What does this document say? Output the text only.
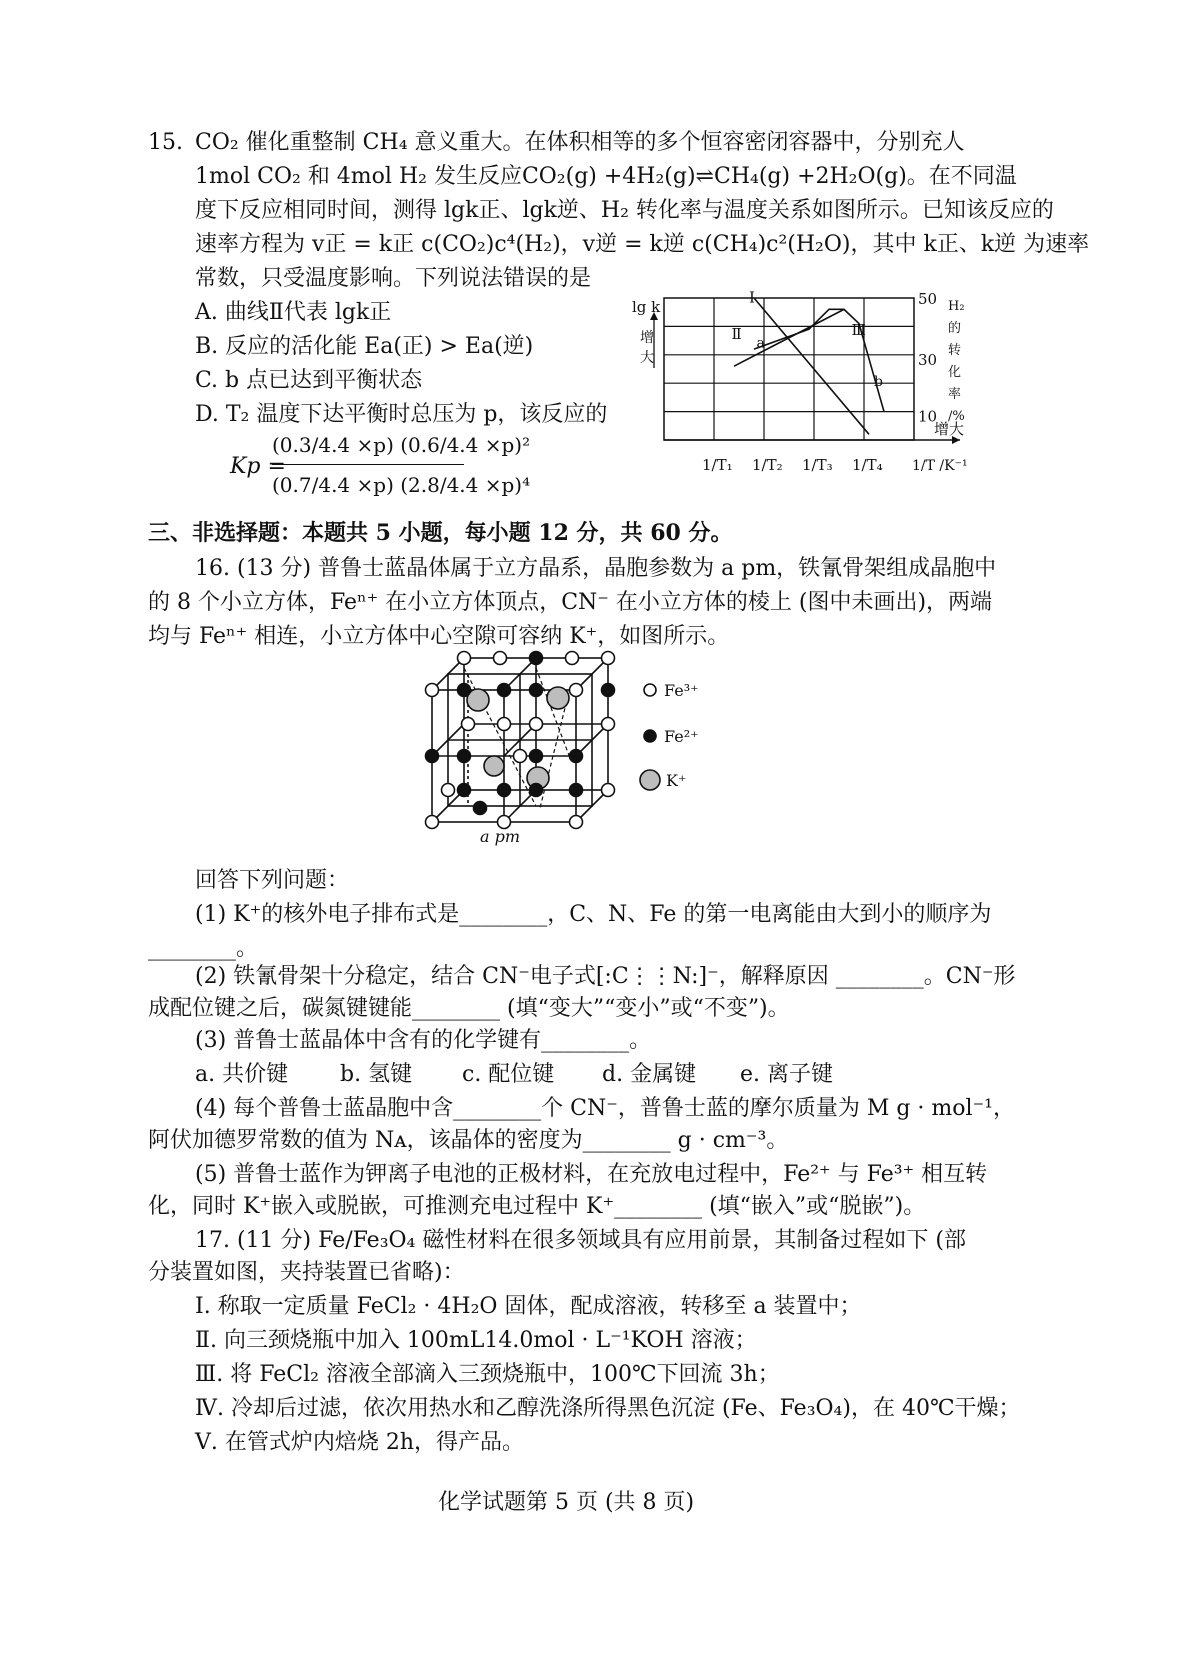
15. CO₂ 催化重整制 CH₄ 意义重大。在体积相等的多个恒容密闭容器中，分别充人
1mol CO₂ 和 4mol H₂ 发生反应CO₂(g) +4H₂(g)⇌CH₄(g) +2H₂O(g)。在不同温
度下反应相同时间，测得 lgk正、lgk逆、H₂ 转化率与温度关系如图所示。已知该反应的
速率方程为 v正 = k正 c(CO₂)c⁴(H₂)，v逆 = k逆 c(CH₄)c²(H₂O)，其中 k正、k逆 为速率
常数，只受温度影响。下列说法错误的是
A. 曲线Ⅱ代表 lgk正
B. 反应的活化能 Ea(正) > Ea(逆)
C. b 点已达到平衡状态
D. T₂ 温度下达平衡时总压为 p，该反应的
Kp =
(0.3/4.4 ×p) (0.6/4.4 ×p)²
(0.7/4.4 ×p) (2.8/4.4 ×p)⁴
Ⅰ
Ⅱ	Ⅲ
a
b
lg k
增
大
50
30
10
H₂
的
转
化
率
/%
1/T₁ 1/T₂ 1/T₃ 1/T₄ 1/T /K⁻¹
增大
三、非选择题：本题共 5 小题，每小题 12 分，共 60 分。
16. (13 分) 普鲁士蓝晶体属于立方晶系，晶胞参数为 a pm，铁氰骨架组成晶胞中
的 8 个小立方体，Feⁿ⁺ 在小立方体顶点，CN⁻ 在小立方体的棱上 (图中未画出)，两端
均与 Feⁿ⁺ 相连，小立方体中心空隙可容纳 K⁺，如图所示。
Fe³⁺
Fe²⁺
K⁺
a pm
回答下列问题：
(1) K⁺的核外电子排布式是________，C、N、Fe 的第一电离能由大到小的顺序为
________。
(2) 铁氰骨架十分稳定，结合 CN⁻电子式[:C⋮⋮N:]⁻，解释原因 ________。CN⁻形
成配位键之后，碳氮键键能________ (填“变大”“变小”或“不变”)。
(3) 普鲁士蓝晶体中含有的化学键有________。
a. 共价键 b. 氢键 c. 配位键 d. 金属键 e. 离子键
(4) 每个普鲁士蓝晶胞中含________个 CN⁻，普鲁士蓝的摩尔质量为 M g · mol⁻¹，
阿伏加德罗常数的值为 Nᴀ，该晶体的密度为________ g · cm⁻³。
(5) 普鲁士蓝作为钾离子电池的正极材料，在充放电过程中，Fe²⁺ 与 Fe³⁺ 相互转
化，同时 K⁺嵌入或脱嵌，可推测充电过程中 K⁺________ (填“嵌入”或“脱嵌”)。
17. (11 分) Fe/Fe₃O₄ 磁性材料在很多领域具有应用前景，其制备过程如下 (部
分装置如图，夹持装置已省略)：
Ⅰ. 称取一定质量 FeCl₂ · 4H₂O 固体，配成溶液，转移至 a 装置中；
Ⅱ. 向三颈烧瓶中加入 100mL14.0mol · L⁻¹KOH 溶液；
Ⅲ. 将 FeCl₂ 溶液全部滴入三颈烧瓶中，100℃下回流 3h；
Ⅳ. 冷却后过滤，依次用热水和乙醇洗涤所得黑色沉淀 (Fe、Fe₃O₄)，在 40℃干燥；
Ⅴ. 在管式炉内焙烧 2h，得产品。
化学试题第 5 页 (共 8 页)
